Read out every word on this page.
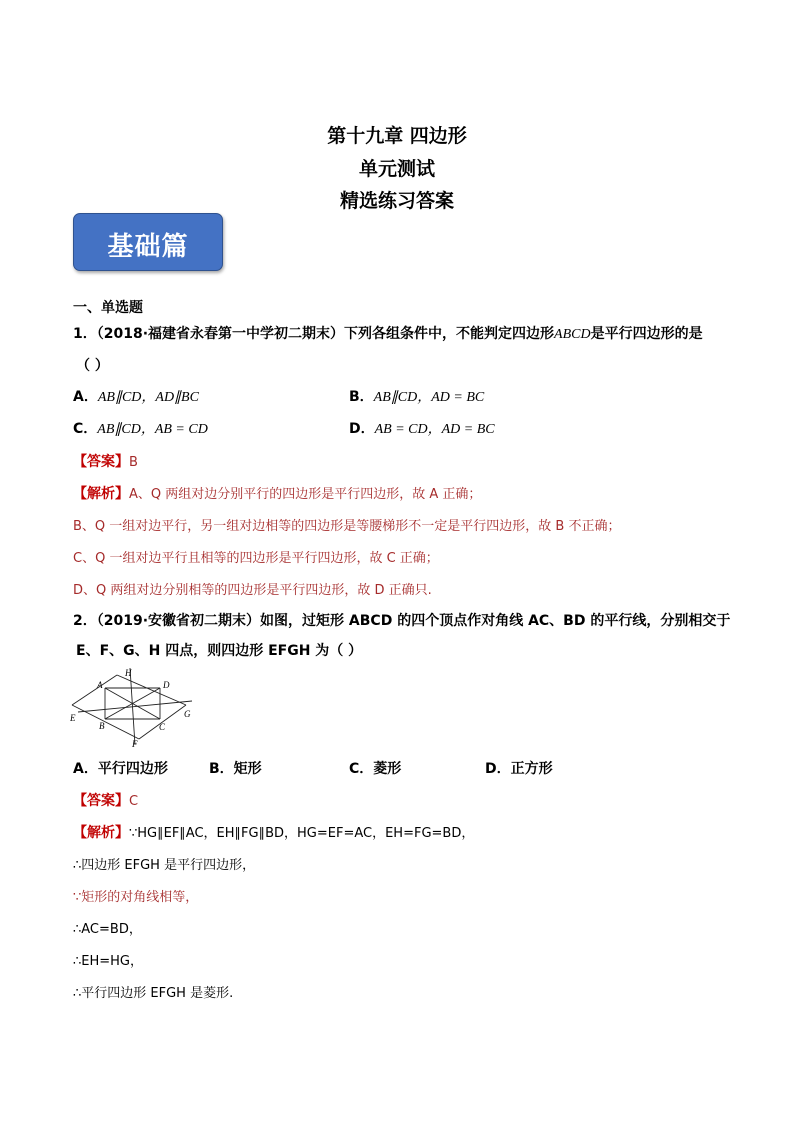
第十九章 四边形
单元测试
精选练习答案
基础篇
一、单选题
1．（2018·福建省永春第一中学初二期末）下列各组条件中，不能判定四边形ABCD是平行四边形的是
（ ）
A．AB∥CD，AD∥BC	B．AB∥CD，AD = BC
C．AB∥CD，AB = CD	D．AB = CD，AD = BC
【答案】B
【解析】A、Q 两组对边分别平行的四边形是平行四边形，故 A 正确；
B、Q 一组对边平行，另一组对边相等的四边形是等腰梯形不一定是平行四边形，故 B 不正确；
C、Q 一组对边平行且相等的四边形是平行四边形，故 C 正确；
D、Q 两组对边分别相等的四边形是平行四边形，故 D 正确只.
2．（2019·安徽省初二期末）如图，过矩形 ABCD 的四个顶点作对角线 AC、BD 的平行线，分别相交于
E、F、G、H 四点，则四边形 EFGH 为（ ）
A
B	C
D
E
F
G
H
A．平行四边形	B．矩形	C．菱形	D．正方形
【答案】C
【解析】∵HG∥EF∥AC，EH∥FG∥BD，HG=EF=AC，EH=FG=BD，
∴四边形 EFGH 是平行四边形，
∵矩形的对角线相等，
∴AC=BD，
∴EH=HG，
∴平行四边形 EFGH 是菱形.
